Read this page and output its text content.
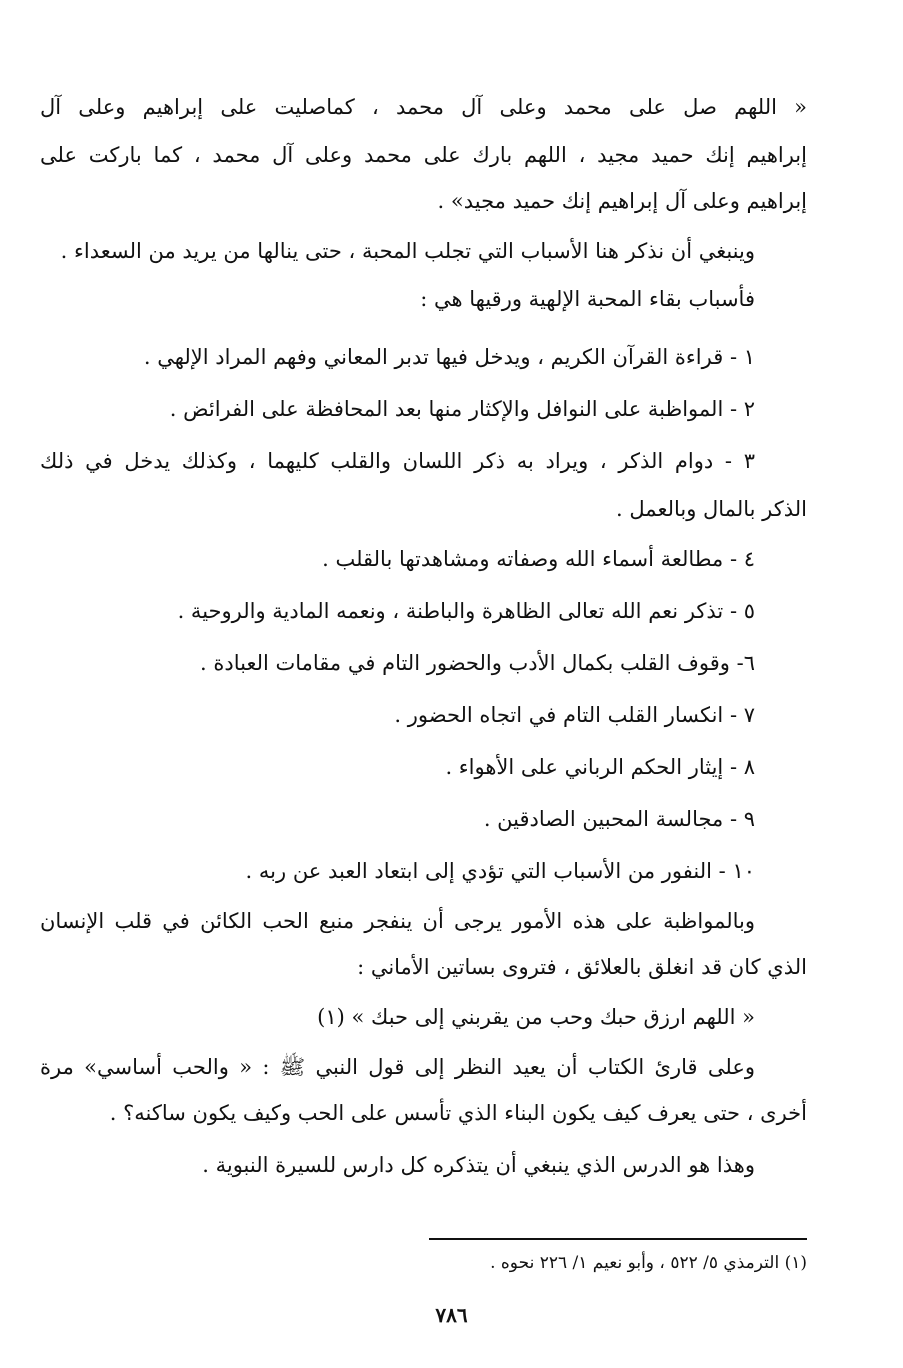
« اللهم صل على محمد وعلى آل محمد ، كماصليت على إبراهيم وعلى آل
إبراهيم إنك حميد مجيد ، اللهم بارك على محمد وعلى آل محمد ، كما باركت على
إبراهيم وعلى آل إبراهيم إنك حميد مجيد» .
وينبغي أن نذكر هنا الأسباب التي تجلب المحبة ، حتى ينالها من يريد من السعداء .
فأسباب بقاء المحبة الإلهية ورقيها هي :
١ - قراءة القرآن الكريم ، ويدخل فيها تدبر المعاني وفهم المراد الإلهي .
٢ - المواظبة على النوافل والإكثار منها بعد المحافظة على الفرائض .
٣ - دوام الذكر ، ويراد به ذكر اللسان والقلب كليهما ، وكذلك يدخل في ذلك
الذكر بالمال وبالعمل .
٤ - مطالعة أسماء الله وصفاته ومشاهدتها بالقلب .
٥ - تذكر نعم الله تعالى الظاهرة والباطنة ، ونعمه المادية والروحية .
٦- وقوف القلب بكمال الأدب والحضور التام في مقامات العبادة .
٧ - انكسار القلب التام في اتجاه الحضور .
٨ - إيثار الحكم الرباني على الأهواء .
٩ - مجالسة المحبين الصادقين .
١٠ - النفور من الأسباب التي تؤدي إلى ابتعاد العبد عن ربه .
وبالمواظبة على هذه الأمور يرجى أن ينفجر منبع الحب الكائن في قلب الإنسان
الذي كان قد انغلق بالعلائق ، فتروى بساتين الأماني :
« اللهم ارزق حبك وحب من يقربني إلى حبك » (١)
وعلى قارئ الكتاب أن يعيد النظر إلى قول النبي ﷺ : « والحب أساسي» مرة
أخرى ، حتى يعرف كيف يكون البناء الذي تأسس على الحب وكيف يكون ساكنه؟ .
وهذا هو الدرس الذي ينبغي أن يتذكره كل دارس للسيرة النبوية .
(١) الترمذي ٥/ ٥٢٢ ، وأبو نعيم ١/ ٢٢٦ نحوه .
٧٨٦
